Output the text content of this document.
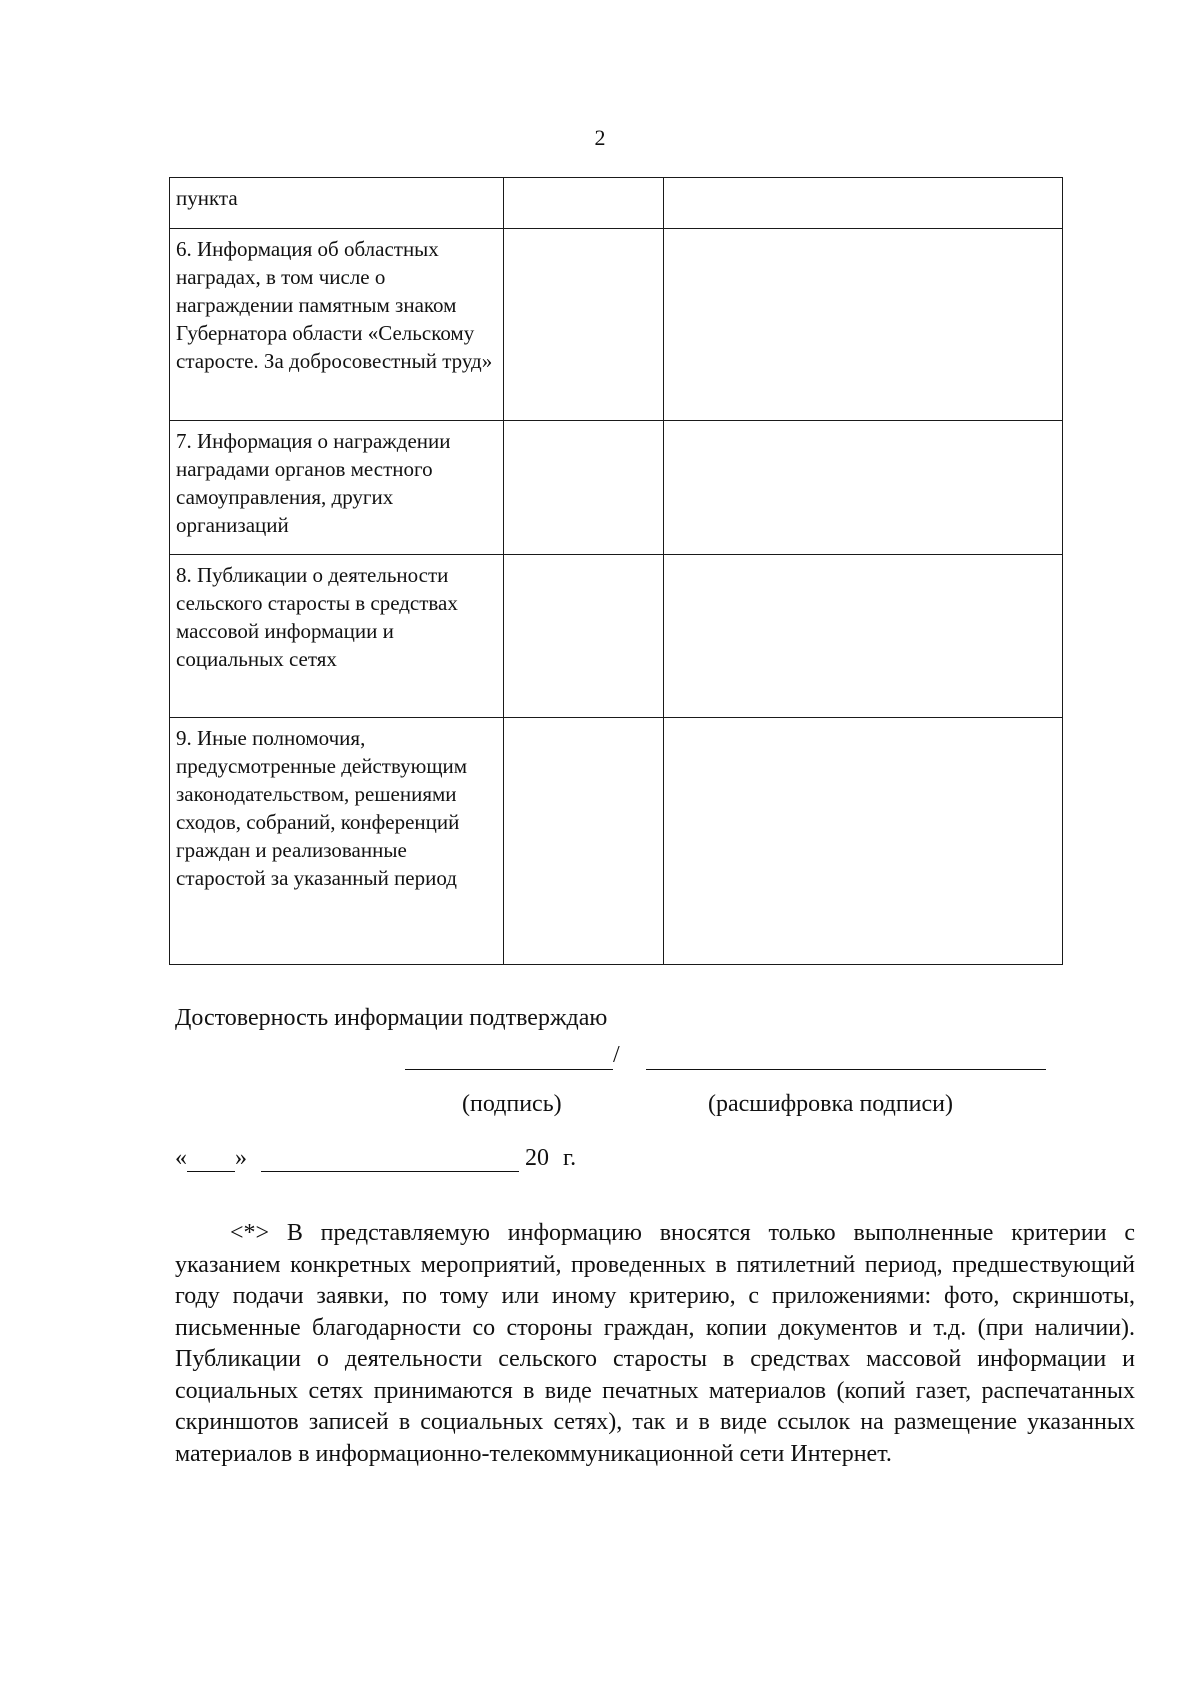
2
пункта		
6. Информация об областных наградах, в том числе о награждении памятным знаком Губернатора области «Сельскому старосте. За добросовестный труд»		
7. Информация о награждении наградами органов местного самоуправления, других организаций		
8. Публикации о деятельности сельского старосты в средствах массовой информации и социальных сетях		
9. Иные полномочия, предусмотренные действующим законодательством, решениями сходов, собраний, конференций граждан и реализованные старостой за указанный период		
Достоверность информации подтверждаю
/
(подпись)	(расшифровка подписи)
« »	20 г.
<*> В представляемую информацию вносятся только выполненные критерии с указанием конкретных мероприятий, проведенных в пятилетний период, предшествующий году подачи заявки, по тому или иному критерию, с приложениями: фото, скриншоты, письменные благодарности со стороны граждан, копии документов и т.д. (при наличии). Публикации о деятельности сельского старосты в средствах массовой информации и социальных сетях принимаются в виде печатных материалов (копий газет, распечатанных скриншотов записей в социальных сетях), так и в виде ссылок на размещение указанных материалов в информационно-телекоммуникационной сети Интернет.
